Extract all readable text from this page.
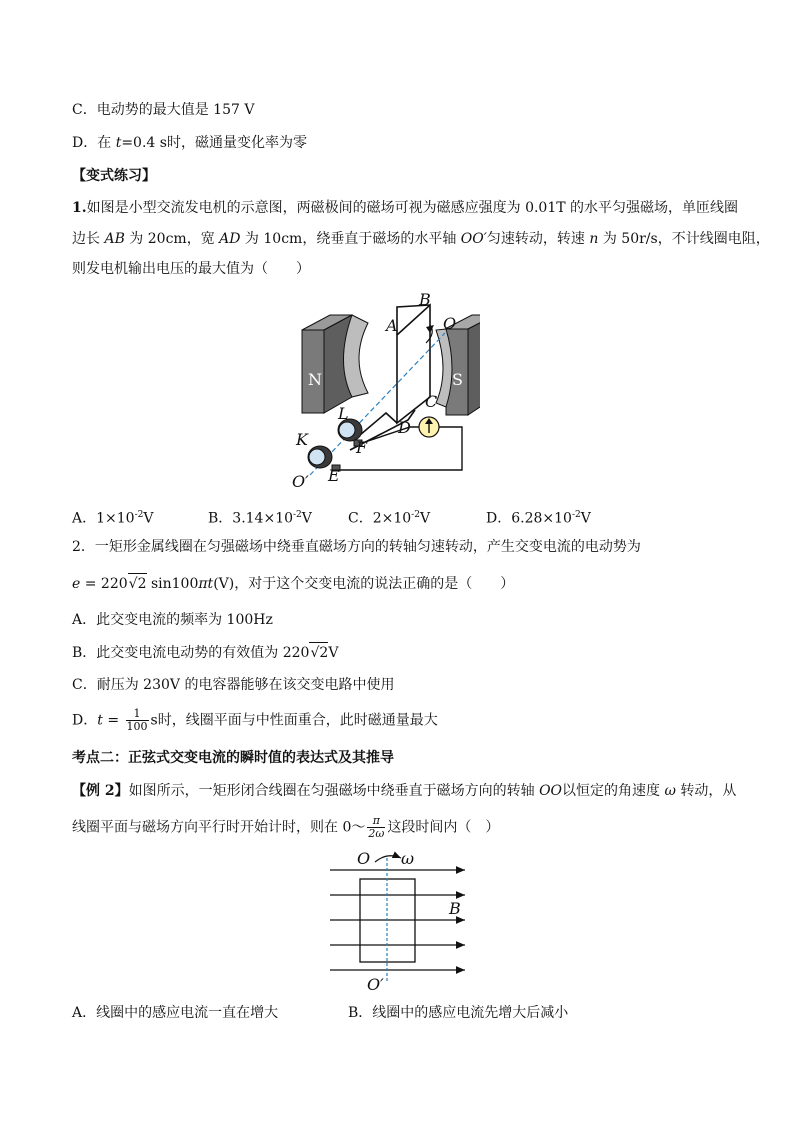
C．电动势的最大值是 157 V
D．在 t=0.4 s时，磁通量变化率为零
【变式练习】
1.如图是小型交流发电机的示意图，两磁极间的磁场可视为磁感应强度为 0.01T 的水平匀强磁场，单匝线圈
边长 AB 为 20cm，宽 AD 为 10cm，绕垂直于磁场的水平轴 OO′匀速转动，转速 n 为 50r/s，不计线圈电阻，
则发电机输出电压的最大值为（　　）
N	S
B
A	O
C
L
D
K	F
O′ E
A．$1\times 10^{-2}V$	B．$3.14\times 10^{-2}V$	C．$2\times 10^{-2}V$	D．$6.28\times 10^{-2}V$
2．一矩形金属线圈在匀强磁场中绕垂直磁场方向的转轴匀速转动，产生交变电流的电动势为
e = 220 √ 2 sin100πt(V)，对于这个交变电流的说法正确的是（　　）
A．此交变电流的频率为 100Hz
B．此交变电流电动势的有效值为 220 √ 2V
C．耐压为 230V 的电容器能够在该交变电路中使用
D．$t = \frac{1}{100}$ s时，线圈平面与中性面重合，此时磁通量最大
考点二：正弦式交变电流的瞬时值的表达式及其推导
【例 2】如图所示，一矩形闭合线圈在匀强磁场中绕垂直于磁场方向的转轴 OO以恒定的角速度 ω 转动，从
线圈平面与磁场方向平行时开始计时，则在 0～ $\frac{\pi}{2\omega}$ 这段时间内（　）
O ω
B
O′
A．线圈中的感应电流一直在增大	B．线圈中的感应电流先增大后减小
